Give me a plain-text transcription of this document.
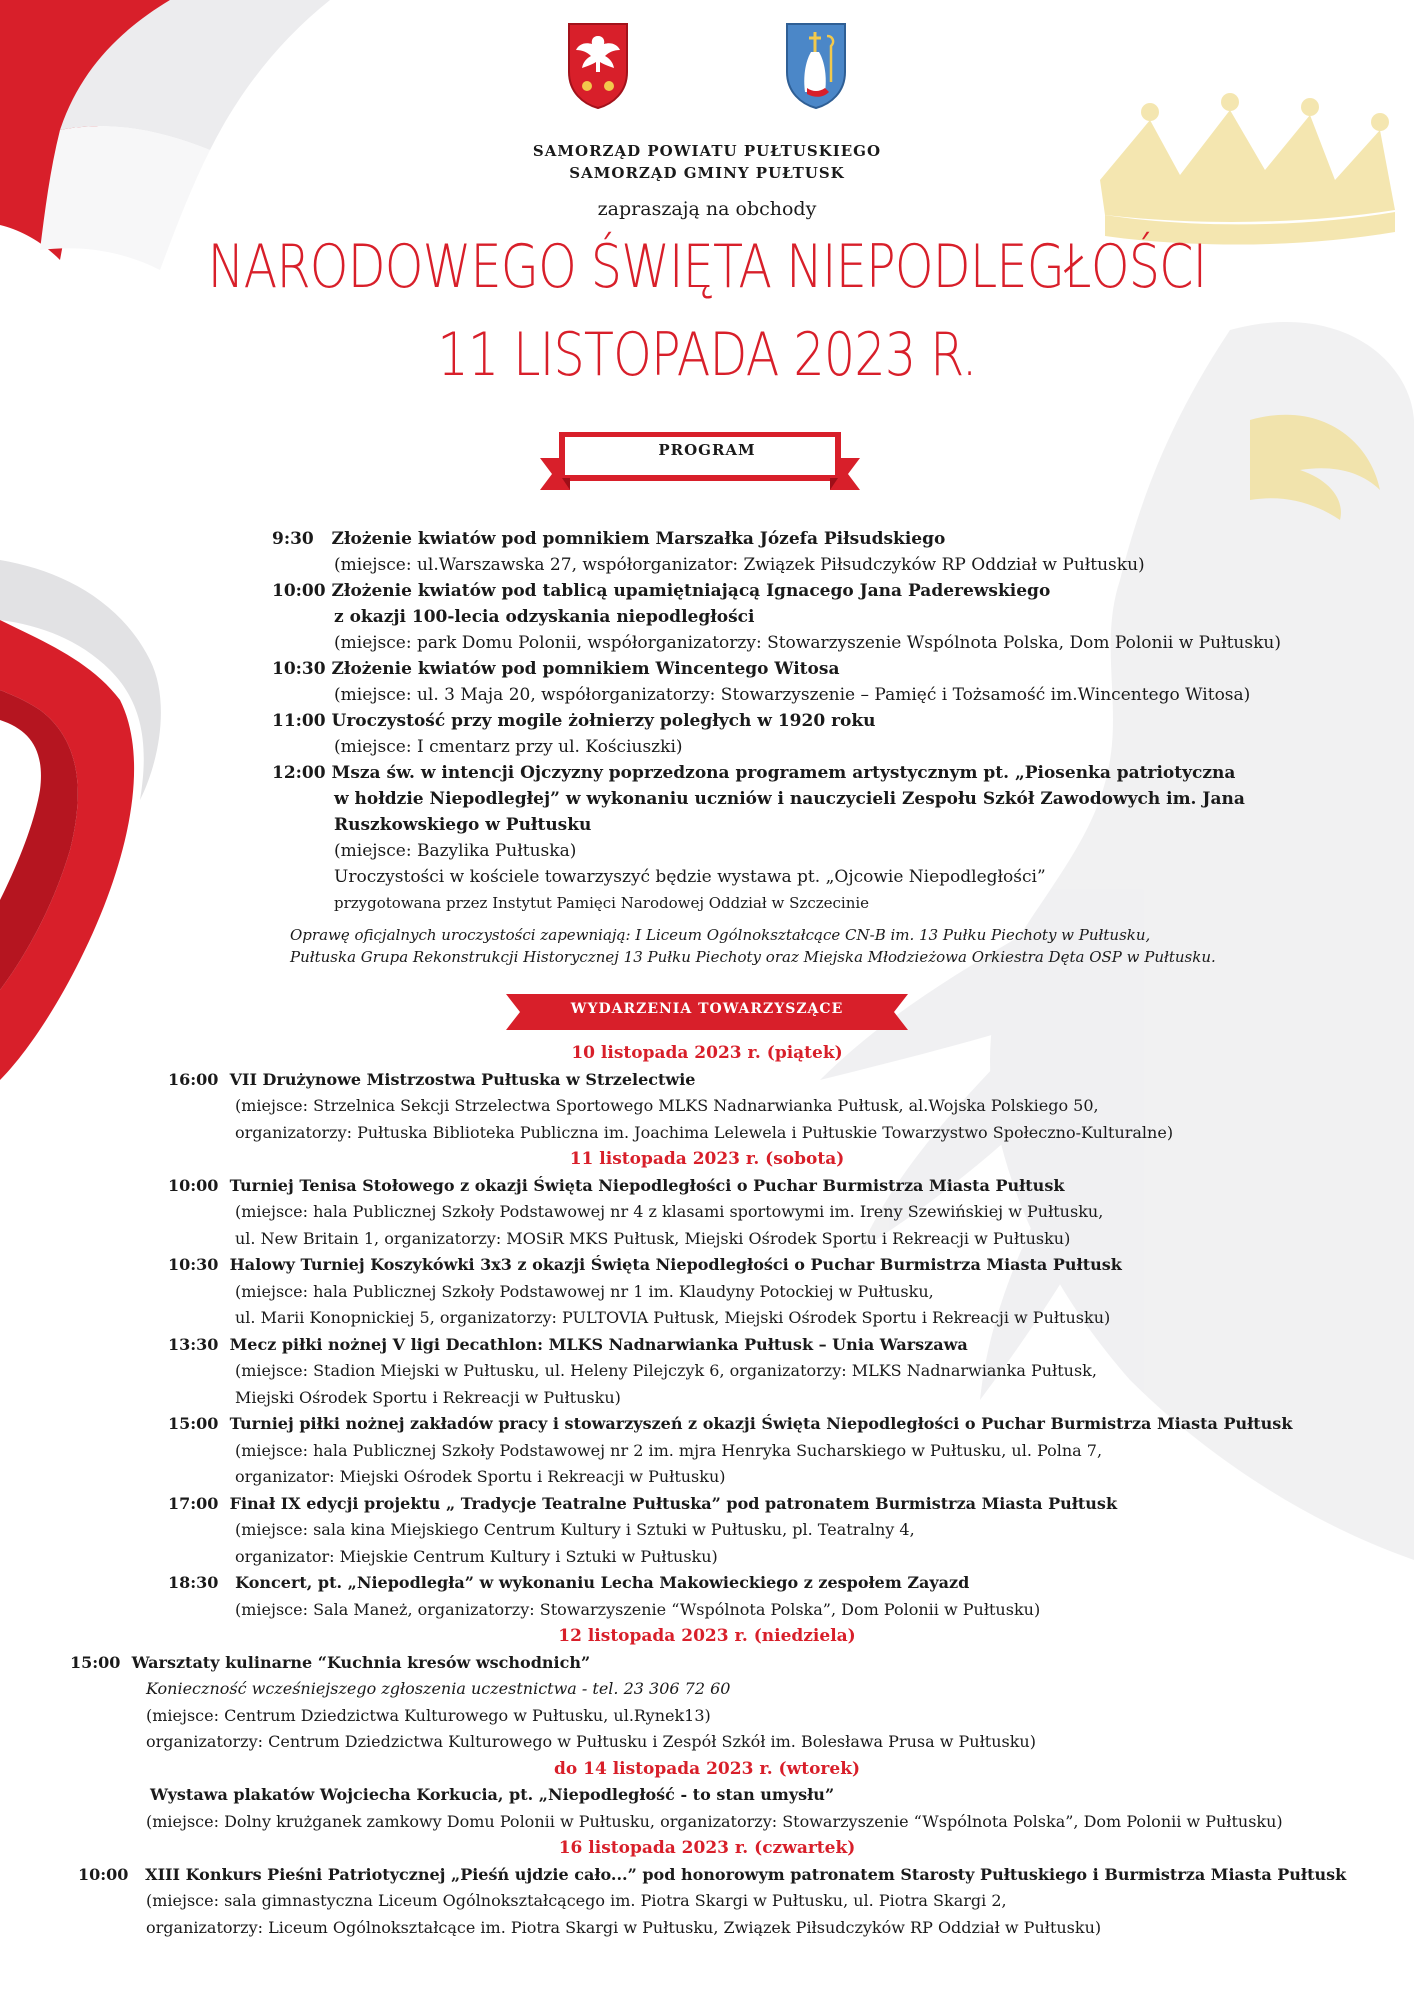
SAMORZĄD POWIATU PUŁTUSKIEGO
SAMORZĄD GMINY PUŁTUSK
zapraszają na obchody
NARODOWEGO ŚWIĘTA NIEPODLEGŁOŚCI
11 LISTOPADA 2023 R.
PROGRAM
9:30 Złożenie kwiatów pod pomnikiem Marszałka Józefa Piłsudskiego
(miejsce: ul.Warszawska 27, współorganizator: Związek Piłsudczyków RP Oddział w Pułtusku)
10:00 Złożenie kwiatów pod tablicą upamiętniającą Ignacego Jana Paderewskiego
z okazji 100-lecia odzyskania niepodległości
(miejsce: park Domu Polonii, współorganizatorzy: Stowarzyszenie Wspólnota Polska, Dom Polonii w Pułtusku)
10:30 Złożenie kwiatów pod pomnikiem Wincentego Witosa
(miejsce: ul. 3 Maja 20, współorganizatorzy: Stowarzyszenie – Pamięć i Tożsamość im.Wincentego Witosa)
11:00 Uroczystość przy mogile żołnierzy poległych w 1920 roku
(miejsce: I cmentarz przy ul. Kościuszki)
12:00 Msza św. w intencji Ojczyzny poprzedzona programem artystycznym pt. „Piosenka patriotyczna
w hołdzie Niepodległej” w wykonaniu uczniów i nauczycieli Zespołu Szkół Zawodowych im. Jana
Ruszkowskiego w Pułtusku
(miejsce: Bazylika Pułtuska)
Uroczystości w kościele towarzyszyć będzie wystawa pt. „Ojcowie Niepodległości”
przygotowana przez Instytut Pamięci Narodowej Oddział w Szczecinie
Oprawę oficjalnych uroczystości zapewniają: I Liceum Ogólnokształcące CN-B im. 13 Pułku Piechoty w Pułtusku,
Pułtuska Grupa Rekonstrukcji Historycznej 13 Pułku Piechoty oraz Miejska Młodzieżowa Orkiestra Dęta OSP w Pułtusku.
WYDARZENIA TOWARZYSZĄCE
10 listopada 2023 r. (piątek)
16:00 VII Drużynowe Mistrzostwa Pułtuska w Strzelectwie
(miejsce: Strzelnica Sekcji Strzelectwa Sportowego MLKS Nadnarwianka Pułtusk, al.Wojska Polskiego 50,
organizatorzy: Pułtuska Biblioteka Publiczna im. Joachima Lelewela i Pułtuskie Towarzystwo Społeczno-Kulturalne)
11 listopada 2023 r. (sobota)
10:00 Turniej Tenisa Stołowego z okazji Święta Niepodległości o Puchar Burmistrza Miasta Pułtusk
(miejsce: hala Publicznej Szkoły Podstawowej nr 4 z klasami sportowymi im. Ireny Szewińskiej w Pułtusku,
ul. New Britain 1, organizatorzy: MOSiR MKS Pułtusk, Miejski Ośrodek Sportu i Rekreacji w Pułtusku)
10:30 Halowy Turniej Koszykówki 3x3 z okazji Święta Niepodległości o Puchar Burmistrza Miasta Pułtusk
(miejsce: hala Publicznej Szkoły Podstawowej nr 1 im. Klaudyny Potockiej w Pułtusku,
ul. Marii Konopnickiej 5, organizatorzy: PULTOVIA Pułtusk, Miejski Ośrodek Sportu i Rekreacji w Pułtusku)
13:30 Mecz piłki nożnej V ligi Decathlon: MLKS Nadnarwianka Pułtusk – Unia Warszawa
(miejsce: Stadion Miejski w Pułtusku, ul. Heleny Pilejczyk 6, organizatorzy: MLKS Nadnarwianka Pułtusk,
Miejski Ośrodek Sportu i Rekreacji w Pułtusku)
15:00 Turniej piłki nożnej zakładów pracy i stowarzyszeń z okazji Święta Niepodległości o Puchar Burmistrza Miasta Pułtusk
(miejsce: hala Publicznej Szkoły Podstawowej nr 2 im. mjra Henryka Sucharskiego w Pułtusku, ul. Polna 7,
organizator: Miejski Ośrodek Sportu i Rekreacji w Pułtusku)
17:00 Finał IX edycji projektu „ Tradycje Teatralne Pułtuska” pod patronatem Burmistrza Miasta Pułtusk
(miejsce: sala kina Miejskiego Centrum Kultury i Sztuki w Pułtusku, pl. Teatralny 4,
organizator: Miejskie Centrum Kultury i Sztuki w Pułtusku)
18:30 Koncert, pt. „Niepodległa” w wykonaniu Lecha Makowieckiego z zespołem Zayazd
(miejsce: Sala Maneż, organizatorzy: Stowarzyszenie “Wspólnota Polska”, Dom Polonii w Pułtusku)
12 listopada 2023 r. (niedziela)
15:00 Warsztaty kulinarne “Kuchnia kresów wschodnich”
Konieczność wcześniejszego zgłoszenia uczestnictwa - tel. 23 306 72 60
(miejsce: Centrum Dziedzictwa Kulturowego w Pułtusku, ul.Rynek13)
organizatorzy: Centrum Dziedzictwa Kulturowego w Pułtusku i Zespół Szkół im. Bolesława Prusa w Pułtusku)
do 14 listopada 2023 r. (wtorek)
Wystawa plakatów Wojciecha Korkucia, pt. „Niepodległość - to stan umysłu”
(miejsce: Dolny krużganek zamkowy Domu Polonii w Pułtusku, organizatorzy: Stowarzyszenie “Wspólnota Polska”, Dom Polonii w Pułtusku)
16 listopada 2023 r. (czwartek)
10:00 XIII Konkurs Pieśni Patriotycznej „Pieśń ujdzie cało...” pod honorowym patronatem Starosty Pułtuskiego i Burmistrza Miasta Pułtusk
(miejsce: sala gimnastyczna Liceum Ogólnokształcącego im. Piotra Skargi w Pułtusku, ul. Piotra Skargi 2,
organizatorzy: Liceum Ogólnokształcące im. Piotra Skargi w Pułtusku, Związek Piłsudczyków RP Oddział w Pułtusku)
